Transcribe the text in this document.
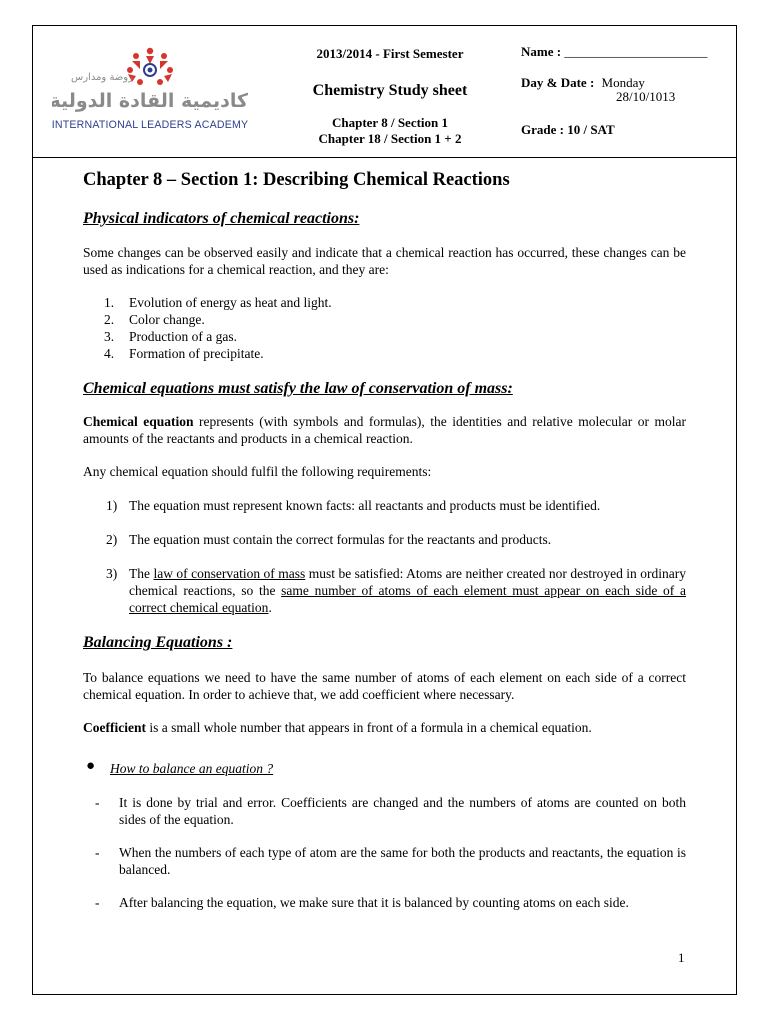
روضة ومدارس
أكاديمية القادة الدولية
INTERNATIONAL LEADERS ACADEMY
2013/2014 - First Semester
Chemistry Study sheet
Chapter 8 / Section 1
Chapter 18 / Section 1 + 2
Name : ______________________
Day & Date : Monday
28/10/1013
Grade : 10 / SAT
Chapter 8 – Section 1: Describing Chemical Reactions
Physical indicators of chemical reactions:
Some changes can be observed easily and indicate that a chemical reaction has occurred, these changes can be used as indications for a chemical reaction, and they are:
1. Evolution of energy as heat and light.
2. Color change.
3. Production of a gas.
4. Formation of precipitate.
Chemical equations must satisfy the law of conservation of mass:
Chemical equation represents (with symbols and formulas), the identities and relative molecular or molar amounts of the reactants and products in a chemical reaction.
Any chemical equation should fulfil the following requirements:
1) The equation must represent known facts: all reactants and products must be identified.
2) The equation must contain the correct formulas for the reactants and products.
3) The law of conservation of mass must be satisfied: Atoms are neither created nor destroyed in ordinary chemical reactions, so the same number of atoms of each element must appear on each side of a correct chemical equation.
Balancing Equations :
To balance equations we need to have the same number of atoms of each element on each side of a correct chemical equation. In order to achieve that, we add coefficient where necessary.
Coefficient is a small whole number that appears in front of a formula in a chemical equation.
● How to balance an equation ?
- It is done by trial and error. Coefficients are changed and the numbers of atoms are counted on both sides of the equation.
- When the numbers of each type of atom are the same for both the products and reactants, the equation is balanced.
- After balancing the equation, we make sure that it is balanced by counting atoms on each side.
1
